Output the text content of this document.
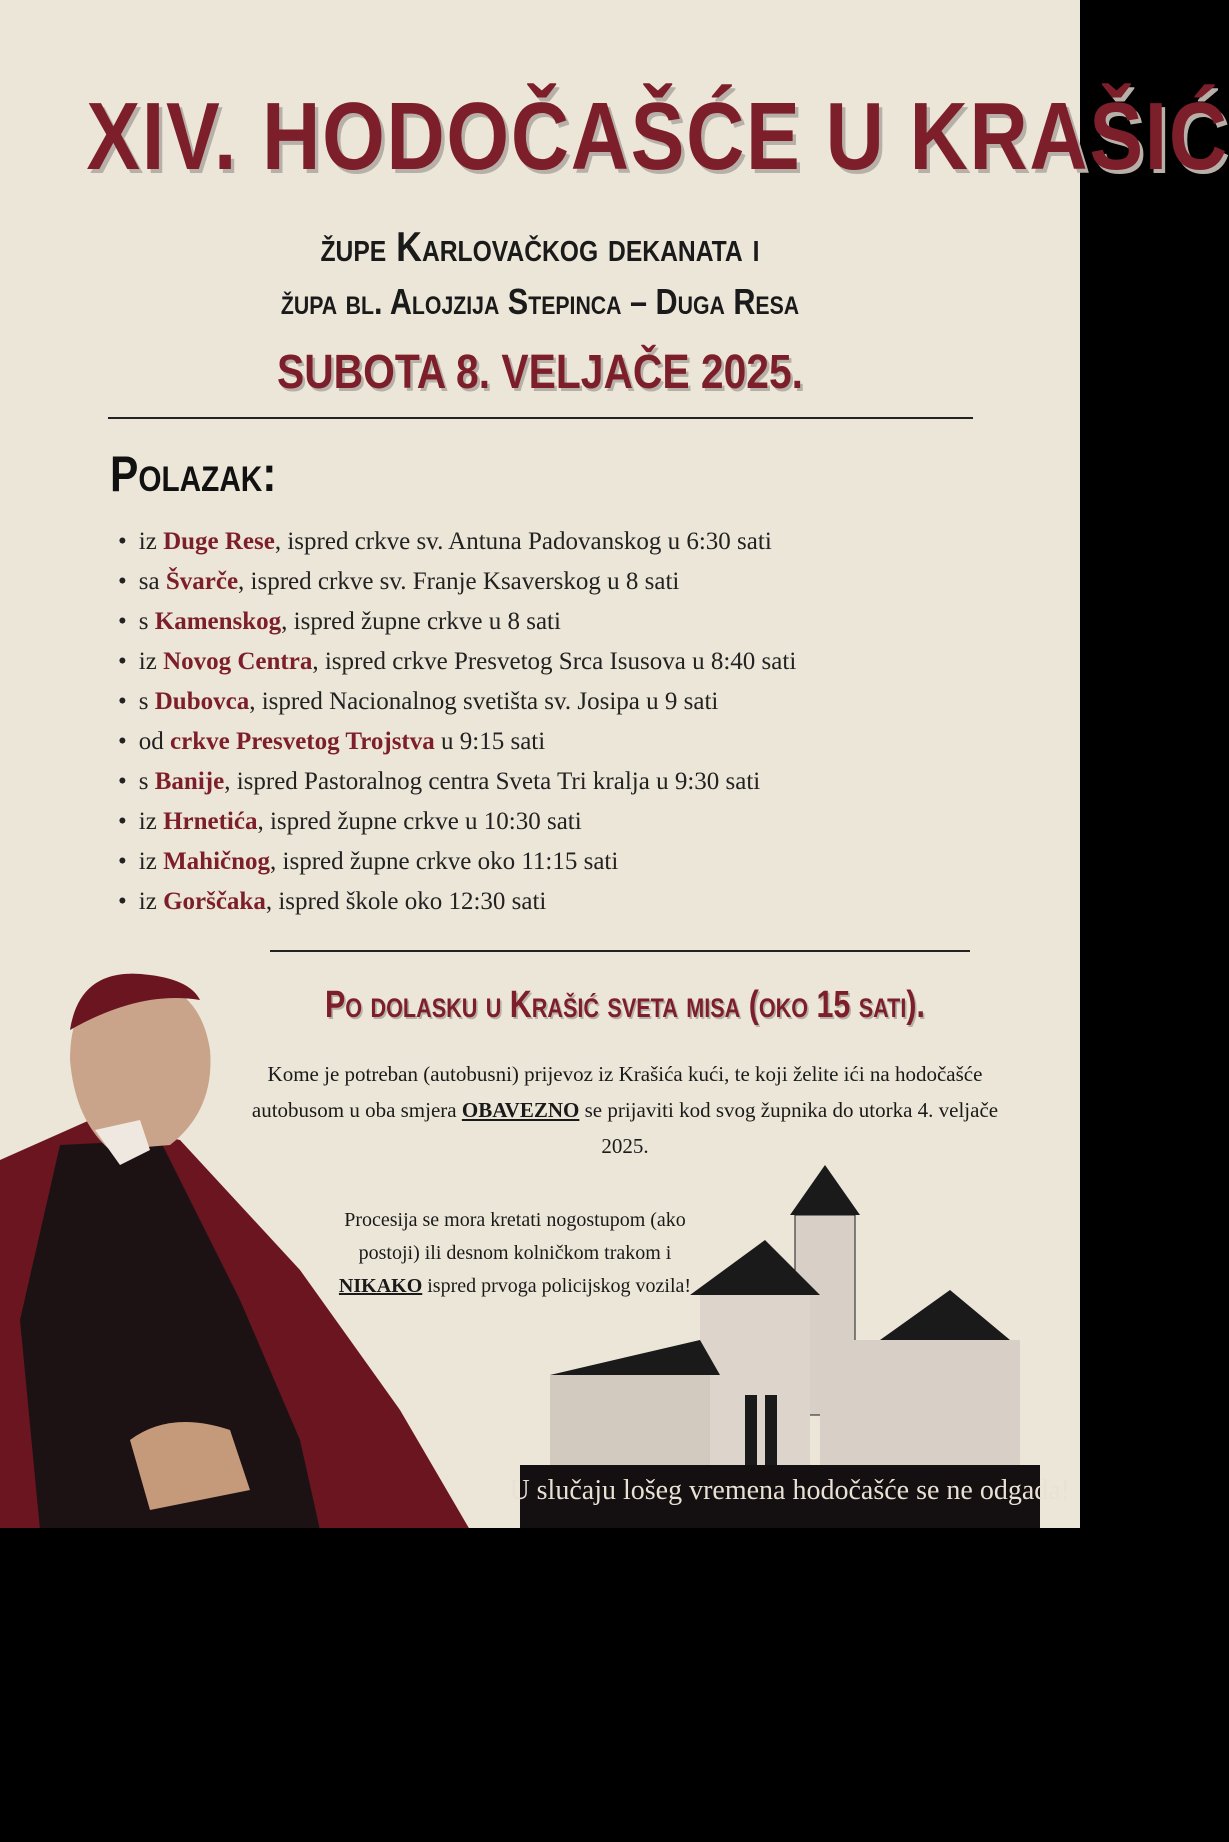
XIV. HODOČAŠĆE U KRAŠIĆ
župe Karlovačkog dekanata i
župa bl. Alojzija Stepinca – Duga Resa
SUBOTA 8. VELJAČE 2025.
Polazak:
• iz Duge Rese, ispred crkve sv. Antuna Padovanskog u 6:30 sati
• sa Švarče, ispred crkve sv. Franje Ksaverskog u 8 sati
• s Kamenskog, ispred župne crkve u 8 sati
• iz Novog Centra, ispred crkve Presvetog Srca Isusova u 8:40 sati
• s Dubovca, ispred Nacionalnog svetišta sv. Josipa u 9 sati
• od crkve Presvetog Trojstva u 9:15 sati
• s Banije, ispred Pastoralnog centra Sveta Tri kralja u 9:30 sati
• iz Hrnetića, ispred župne crkve u 10:30 sati
• iz Mahičnog, ispred župne crkve oko 11:15 sati
• iz Gorščaka, ispred škole oko 12:30 sati
Po dolasku u Krašić sveta misa (oko 15 sati).
Kome je potreban (autobusni) prijevoz iz Krašića kući, te koji želite ići na hodočašće autobusom u oba smjera OBAVEZNO se prijaviti kod svog župnika do utorka 4. veljače 2025.
Procesija se mora kretati nogostupom (ako postoji) ili desnom kolničkom trakom i NIKAKO ispred prvoga policijskog vozila!
U slučaju lošeg vremena hodočašće se ne odgada!
